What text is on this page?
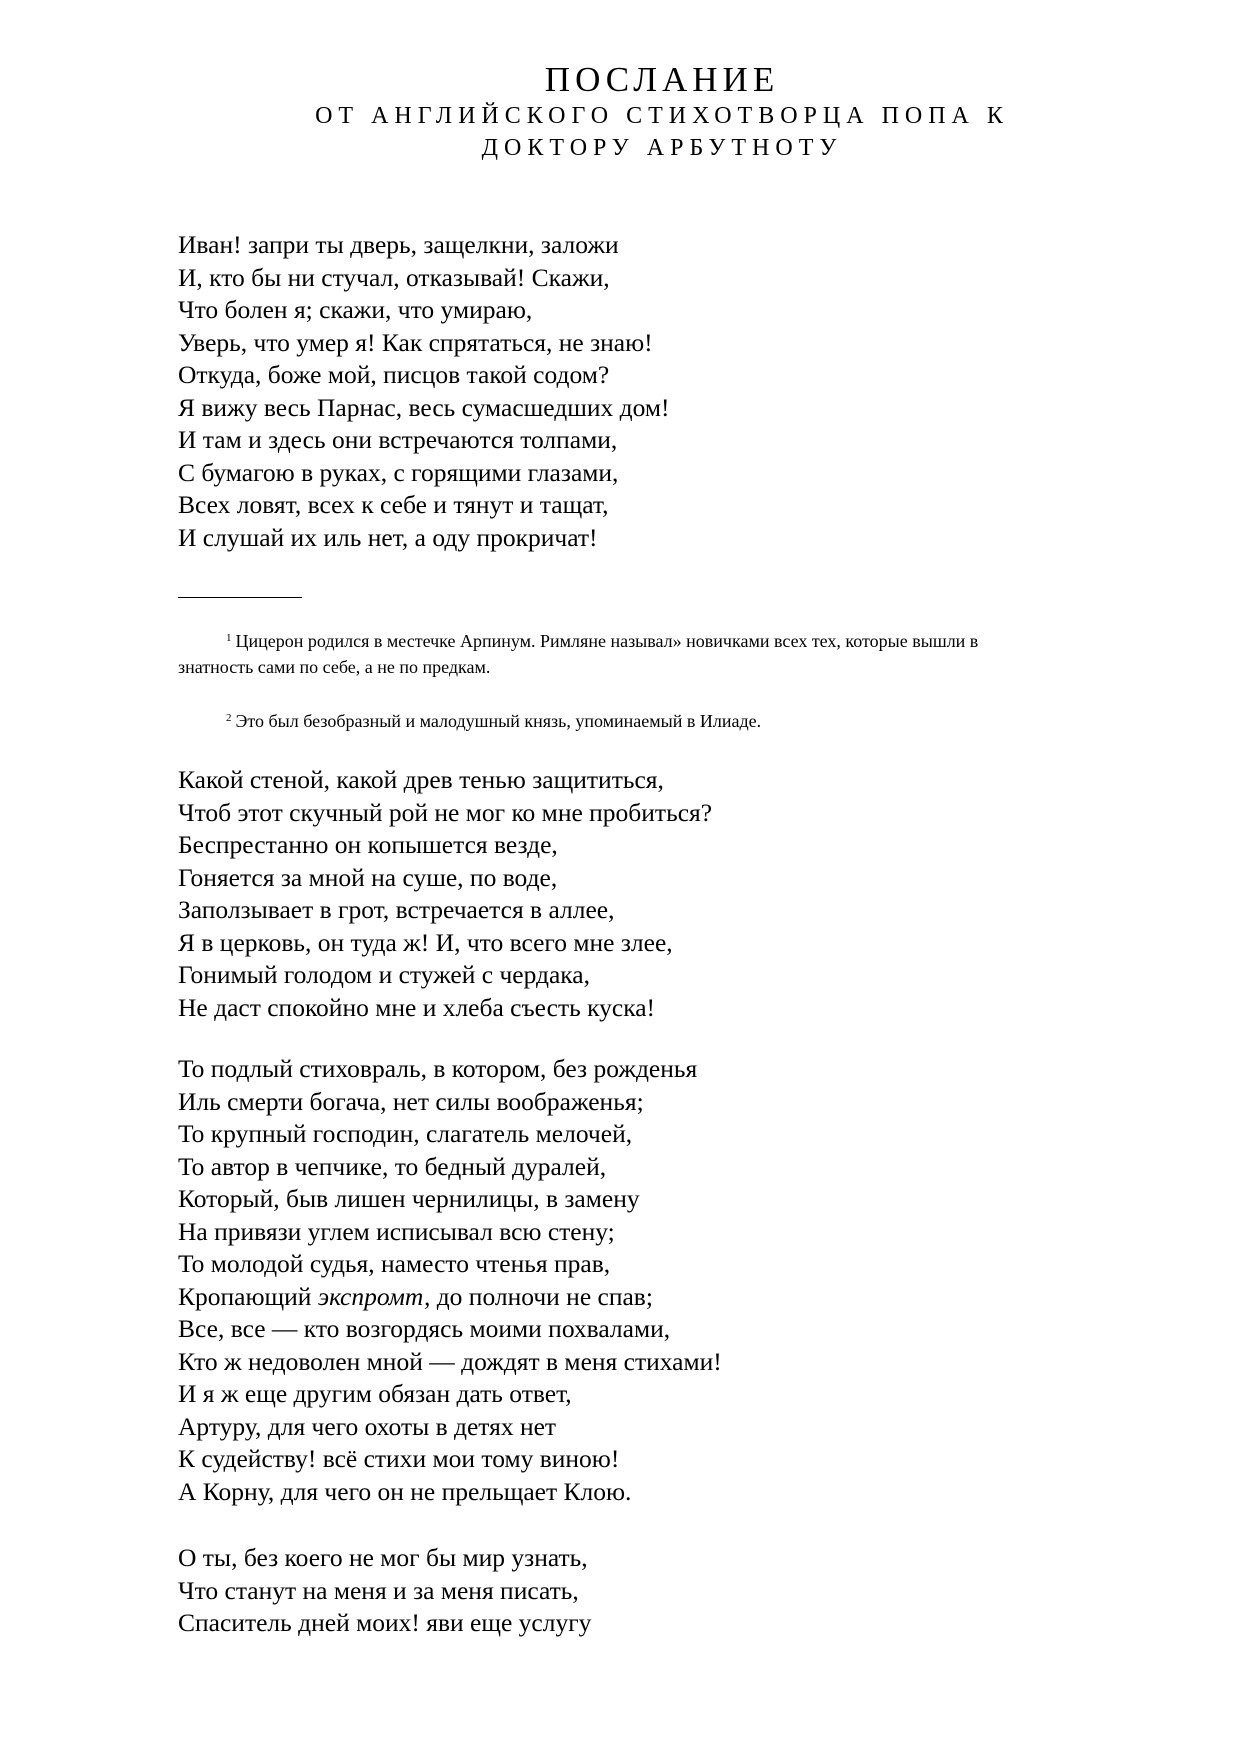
ПОСЛАНИЕ

ОТ АНГЛИЙСКОГО СТИХОТВОРЦА ПОПА К

ДОКТОРУ АРБУТНОТУ

Иван! запри ты дверь, защелкни, заложи
И, кто бы ни стучал, отказывай! Скажи,
Что болен я; скажи, что умираю,
Уверь, что умер я! Как спрятаться, не знаю!
Откуда, боже мой, писцов такой содом?
Я вижу весь Парнас, весь сумасшедших дом!
И там и здесь они встречаются толпами,
С бумагою в руках, с горящими глазами,
Всех ловят, всех к себе и тянут и тащат,
И слушай их иль нет, а оду прокричат!

$^1$ Цицерон родился в местечке Арпинум. Римляне называл» новичками всех тех, которые вышли в
знатность сами по себе, а не по предкам.

$^2$ Это был безобразный и малодушный князь, упоминаемый в Илиаде.

Какой стеной, какой древ тенью защититься,
Чтоб этот скучный рой не мог ко мне пробиться?
Беспрестанно он копышется везде,
Гоняется за мной на суше, по воде,
Заползывает в грот, встречается в аллее,
Я в церковь, он туда ж! И, что всего мне злее,
Гонимый голодом и стужей с чердака,
Не даст спокойно мне и хлеба съесть куска!
То подлый стиховраль, в котором, без рожденья
Иль смерти богача, нет силы воображенья;
То крупный господин, слагатель мелочей,
То автор в чепчике, то бедный дуралей,
Который, быв лишен чернилицы, в замену
На привязи углем исписывал всю стену;
То молодой судья, наместо чтенья прав,
Кропающий экспромт, до полночи не спав;
Все, все — кто возгордясь моими похвалами,
Кто ж недоволен мной — дождят в меня стихами!
И я ж еще другим обязан дать ответ,
Артуру, для чего охоты в детях нет
К судейству! всё стихи мои тому виною!
А Корну, для чего он не прельщает Клою.
О ты, без коего не мог бы мир узнать,
Что станут на меня и за меня писать,
Спаситель дней моих! яви еще услугу
